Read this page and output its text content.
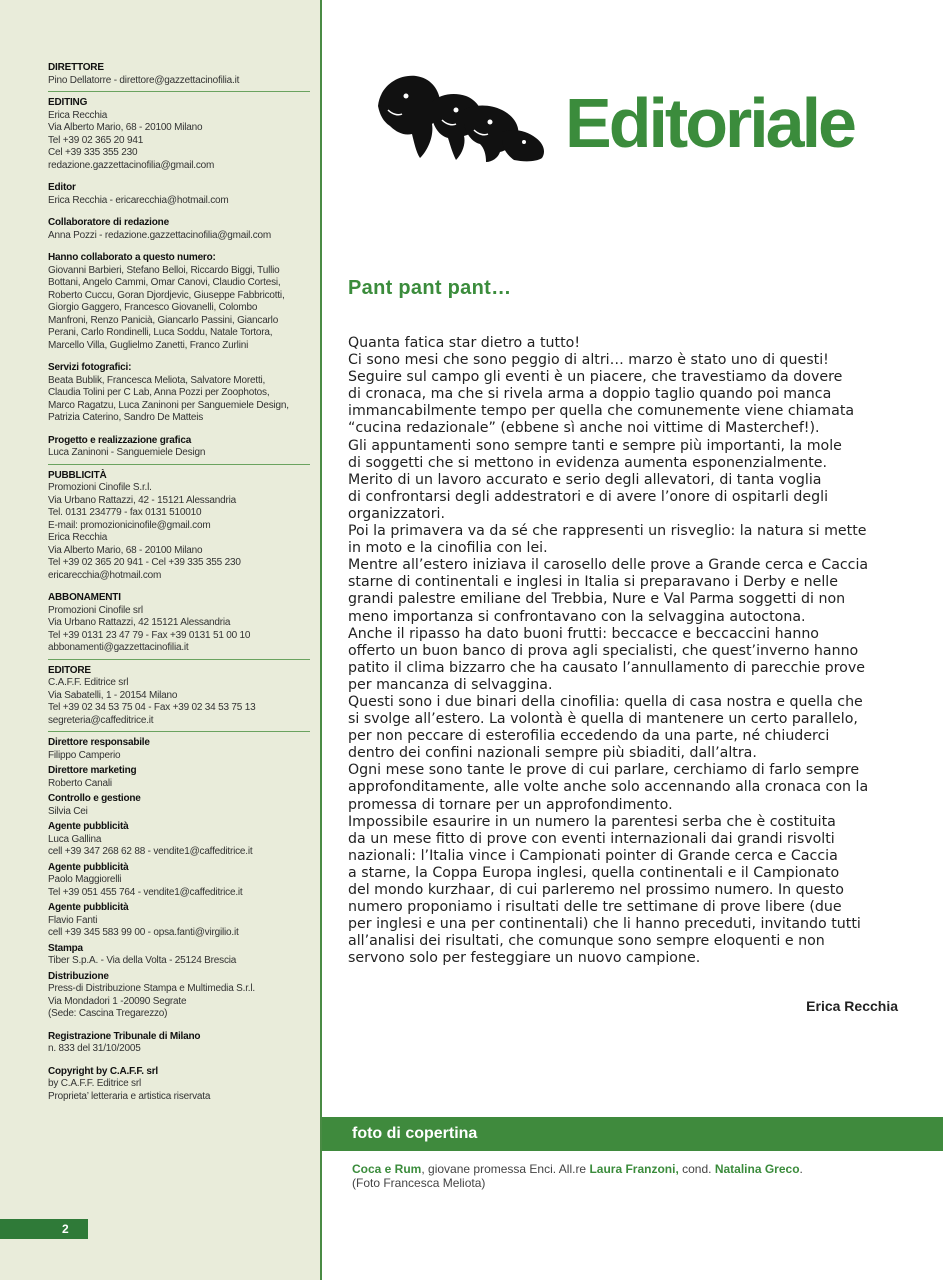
DIRETTORE
Pino Dellatorre - direttore@gazzettacinofilia.it
EDITING
Erica Recchia
Via Alberto Mario, 68 - 20100 Milano
Tel +39 02 365 20 941
Cel +39 335 355 230
redazione.gazzettacinofilia@gmail.com
Editor
Erica Recchia - ericarecchia@hotmail.com
Collaboratore di redazione
Anna Pozzi - redazione.gazzettacinofilia@gmail.com
Hanno collaborato a questo numero:
Giovanni Barbieri, Stefano Belloi, Riccardo Biggi, Tullio
Bottani, Angelo Cammi, Omar Canovi, Claudio Cortesi,
Roberto Cuccu, Goran Djordjevic, Giuseppe Fabbricotti,
Giorgio Gaggero, Francesco Giovanelli, Colombo
Manfroni, Renzo Panicià, Giancarlo Passini, Giancarlo
Perani, Carlo Rondinelli, Luca Soddu, Natale Tortora,
Marcello Villa, Guglielmo Zanetti, Franco Zurlini
Servizi fotografici:
Beata Bublik, Francesca Meliota, Salvatore Moretti,
Claudia Tolini per C Lab, Anna Pozzi per Zoophotos,
Marco Ragatzu, Luca Zaninoni per Sanguemiele Design,
Patrizia Caterino, Sandro De Matteis
Progetto e realizzazione grafica
Luca Zaninoni - Sanguemiele Design
PUBBLICITÀ
Promozioni Cinofile S.r.l.
Via Urbano Rattazzi, 42 - 15121 Alessandria
Tel. 0131 234779 - fax 0131 510010
E-mail: promozionicinofile@gmail.com
Erica Recchia
Via Alberto Mario, 68 - 20100 Milano
Tel +39 02 365 20 941 - Cel +39 335 355 230
ericarecchia@hotmail.com
ABBONAMENTI
Promozioni Cinofile srl
Via Urbano Rattazzi, 42 15121 Alessandria
Tel +39 0131 23 47 79 - Fax +39 0131 51 00 10
abbonamenti@gazzettacinofilia.it
EDITORE
C.A.F.F. Editrice srl
Via Sabatelli, 1 - 20154 Milano
Tel +39 02 34 53 75 04 - Fax +39 02 34 53 75 13
segreteria@caffeditrice.it
Direttore responsabile
Filippo Camperio
Direttore marketing
Roberto Canali
Controllo e gestione
Silvia Cei
Agente pubblicità
Luca Gallina
cell +39 347 268 62 88 - vendite1@caffeditrice.it
Agente pubblicità
Paolo Maggiorelli
Tel +39 051 455 764 - vendite1@caffeditrice.it
Agente pubblicità
Flavio Fanti
cell +39 345 583 99 00 - opsa.fanti@virgilio.it
Stampa
Tiber S.p.A. - Via della Volta - 25124 Brescia
Distribuzione
Press-di Distribuzione Stampa e Multimedia S.r.l.
Via Mondadori 1 -20090 Segrate
(Sede: Cascina Tregarezzo)
Registrazione Tribunale di Milano
n. 833 del 31/10/2005
Copyright by C.A.F.F. srl
by C.A.F.F. Editrice srl
Proprieta’ letteraria e artistica riservata
2
Editoriale
Pant pant pant…
Quanta fatica star dietro a tutto!
Ci sono mesi che sono peggio di altri… marzo è stato uno di questi!
Seguire sul campo gli eventi è un piacere, che travestiamo da dovere
di cronaca, ma che si rivela arma a doppio taglio quando poi manca
immancabilmente tempo per quella che comunemente viene chiamata
“cucina redazionale” (ebbene sì anche noi vittime di Masterchef!).
Gli appuntamenti sono sempre tanti e sempre più importanti, la mole
di soggetti che si mettono in evidenza aumenta esponenzialmente.
Merito di un lavoro accurato e serio degli allevatori, di tanta voglia
di confrontarsi degli addestratori e di avere l’onore di ospitarli degli
organizzatori.
Poi la primavera va da sé che rappresenti un risveglio: la natura si mette
in moto e la cinofilia con lei.
Mentre all’estero iniziava il carosello delle prove a Grande cerca e Caccia
starne di continentali e inglesi in Italia si preparavano i Derby e nelle
grandi palestre emiliane del Trebbia, Nure e Val Parma soggetti di non
meno importanza si confrontavano con la selvaggina autoctona.
Anche il ripasso ha dato buoni frutti: beccacce e beccaccini hanno
offerto un buon banco di prova agli specialisti, che quest’inverno hanno
patito il clima bizzarro che ha causato l’annullamento di parecchie prove
per mancanza di selvaggina.
Questi sono i due binari della cinofilia: quella di casa nostra e quella che
si svolge all’estero. La volontà è quella di mantenere un certo parallelo,
per non peccare di esterofilia eccedendo da una parte, né chiuderci
dentro dei confini nazionali sempre più sbiaditi, dall’altra.
Ogni mese sono tante le prove di cui parlare, cerchiamo di farlo sempre
approfonditamente, alle volte anche solo accennando alla cronaca con la
promessa di tornare per un approfondimento.
Impossibile esaurire in un numero la parentesi serba che è costituita
da un mese fitto di prove con eventi internazionali dai grandi risvolti
nazionali: l’Italia vince i Campionati pointer di Grande cerca e Caccia
a starne, la Coppa Europa inglesi, quella continentali e il Campionato
del mondo kurzhaar, di cui parleremo nel prossimo numero. In questo
numero proponiamo i risultati delle tre settimane di prove libere (due
per inglesi e una per continentali) che li hanno preceduti, invitando tutti
all’analisi dei risultati, che comunque sono sempre eloquenti e non
servono solo per festeggiare un nuovo campione.
Erica Recchia
foto di copertina
Coca e Rum, giovane promessa Enci. All.re Laura Franzoni, cond. Natalina Greco.
(Foto Francesca Meliota)
